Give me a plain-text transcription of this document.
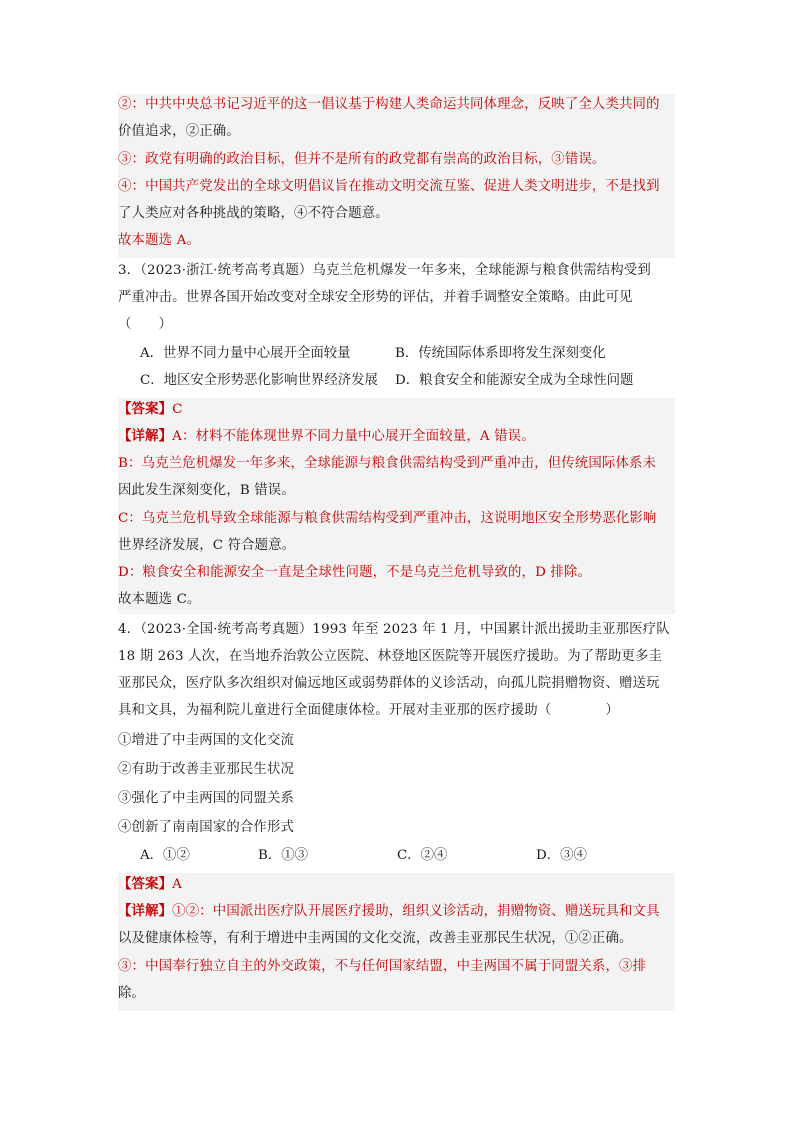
②：中共中央总书记习近平的这一倡议基于构建人类命运共同体理念，反映了全人类共同的
价值追求，②正确。
③：政党有明确的政治目标，但并不是所有的政党都有崇高的政治目标，③错误。
④：中国共产党发出的全球文明倡议旨在推动文明交流互鉴、促进人类文明进步，不是找到
了人类应对各种挑战的策略，④不符合题意。
故本题选 A。
3．（2023·浙江·统考高考真题）乌克兰危机爆发一年多来，全球能源与粮食供需结构受到
严重冲击。世界各国开始改变对全球安全形势的评估，并着手调整安全策略。由此可见
（　　）
A．世界不同力量中心展开全面较量	B．传统国际体系即将发生深刻变化
C．地区安全形势恶化影响世界经济发展 D．粮食安全和能源安全成为全球性问题
【答案】C
【详解】A：材料不能体现世界不同力量中心展开全面较量，A 错误。
B：乌克兰危机爆发一年多来，全球能源与粮食供需结构受到严重冲击，但传统国际体系未
因此发生深刻变化，B 错误。
C：乌克兰危机导致全球能源与粮食供需结构受到严重冲击，这说明地区安全形势恶化影响
世界经济发展，C 符合题意。
D：粮食安全和能源安全一直是全球性问题，不是乌克兰危机导致的，D 排除。
故本题选 C。
4．（2023·全国·统考高考真题）1993 年至 2023 年 1 月，中国累计派出援助圭亚那医疗队
18 期 263 人次，在当地乔治敦公立医院、林登地区医院等开展医疗援助。为了帮助更多圭
亚那民众，医疗队多次组织对偏远地区或弱势群体的义诊活动，向孤儿院捐赠物资、赠送玩
具和文具，为福利院儿童进行全面健康体检。开展对圭亚那的医疗援助（　　　　）
①增进了中圭两国的文化交流
②有助于改善圭亚那民生状况
③强化了中圭两国的同盟关系
④创新了南南国家的合作形式
A．①②	B．①③	C．②④	D．③④
【答案】A
【详解】①②：中国派出医疗队开展医疗援助，组织义诊活动，捐赠物资、赠送玩具和文具
以及健康体检等，有利于增进中圭两国的文化交流，改善圭亚那民生状况，①②正确。
③：中国奉行独立自主的外交政策，不与任何国家结盟，中圭两国不属于同盟关系，③排
除。
